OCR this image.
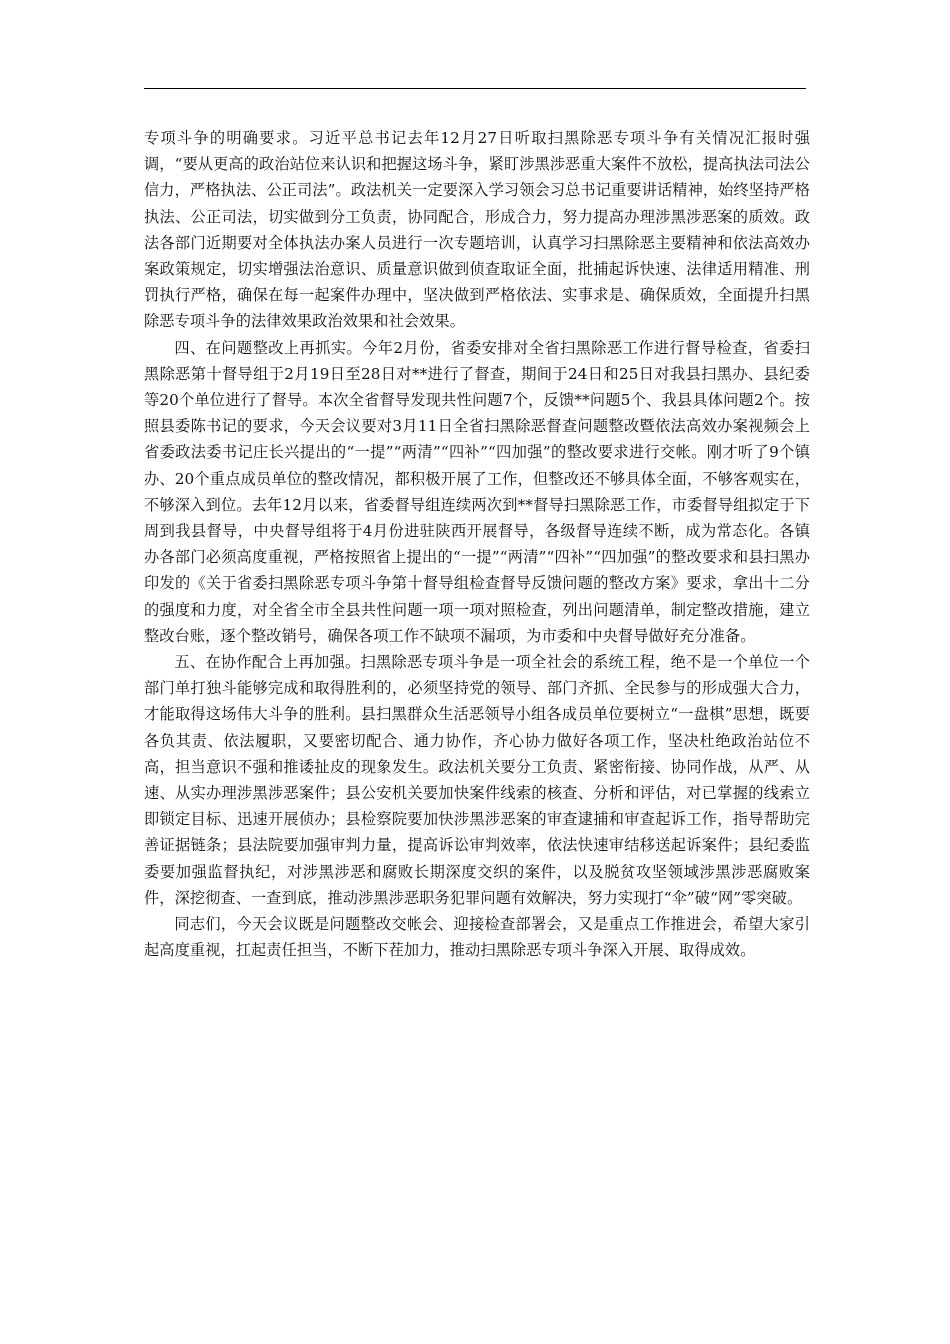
专项斗争的明确要求。习近平总书记去年12月27日听取扫黑除恶专项斗争有关情况汇报时强调，“要从更高的政治站位来认识和把握这场斗争，紧盯涉黑涉恶重大案件不放松，提高执法司法公信力，严格执法、公正司法”。政法机关一定要深入学习领会习总书记重要讲话精神，始终坚持严格执法、公正司法，切实做到分工负责，协同配合，形成合力，努力提高办理涉黑涉恶案的质效。政法各部门近期要对全体执法办案人员进行一次专题培训，认真学习扫黑除恶主要精神和依法高效办案政策规定，切实增强法治意识、质量意识做到侦查取证全面，批捕起诉快速、法律适用精准、刑罚执行严格，确保在每一起案件办理中，坚决做到严格依法、实事求是、确保质效，全面提升扫黑除恶专项斗争的法律效果政治效果和社会效果。

四、在问题整改上再抓实。今年2月份，省委安排对全省扫黑除恶工作进行督导检查，省委扫黑除恶第十督导组于2月19日至28日对**进行了督查，期间于24日和25日对我县扫黑办、县纪委等20个单位进行了督导。本次全省督导发现共性问题7个，反馈**问题5个、我县具体问题2个。按照县委陈书记的要求，今天会议要对3月11日全省扫黑除恶督查问题整改暨依法高效办案视频会上省委政法委书记庄长兴提出的“一提”“两清”“四补”“四加强”的整改要求进行交帐。刚才听了9个镇办、20个重点成员单位的整改情况，都积极开展了工作，但整改还不够具体全面，不够客观实在，不够深入到位。去年12月以来，省委督导组连续两次到**督导扫黑除恶工作，市委督导组拟定于下周到我县督导，中央督导组将于4月份进驻陕西开展督导，各级督导连续不断，成为常态化。各镇办各部门必须高度重视，严格按照省上提出的“一提”“两清”“四补”“四加强”的整改要求和县扫黑办印发的《关于省委扫黑除恶专项斗争第十督导组检查督导反馈问题的整改方案》要求，拿出十二分的强度和力度，对全省全市全县共性问题一项一项对照检查，列出问题清单，制定整改措施，建立整改台账，逐个整改销号，确保各项工作不缺项不漏项，为市委和中央督导做好充分准备。

五、在协作配合上再加强。扫黑除恶专项斗争是一项全社会的系统工程，绝不是一个单位一个部门单打独斗能够完成和取得胜利的，必须坚持党的领导、部门齐抓、全民参与的形成强大合力，才能取得这场伟大斗争的胜利。县扫黑群众生活恶领导小组各成员单位要树立“一盘棋”思想，既要各负其责、依法履职，又要密切配合、通力协作，齐心协力做好各项工作，坚决杜绝政治站位不高，担当意识不强和推诿扯皮的现象发生。政法机关要分工负责、紧密衔接、协同作战，从严、从速、从实办理涉黑涉恶案件；县公安机关要加快案件线索的核查、分析和评估，对已掌握的线索立即锁定目标、迅速开展侦办；县检察院要加快涉黑涉恶案的审查逮捕和审查起诉工作，指导帮助完善证据链条；县法院要加强审判力量，提高诉讼审判效率，依法快速审结移送起诉案件；县纪委监委要加强监督执纪，对涉黑涉恶和腐败长期深度交织的案件，以及脱贫攻坚领域涉黑涉恶腐败案件，深挖彻查、一查到底，推动涉黑涉恶职务犯罪问题有效解决，努力实现打“伞”破“网”零突破。

同志们，今天会议既是问题整改交帐会、迎接检查部署会，又是重点工作推进会，希望大家引起高度重视，扛起责任担当，不断下茬加力，推动扫黑除恶专项斗争深入开展、取得成效。
